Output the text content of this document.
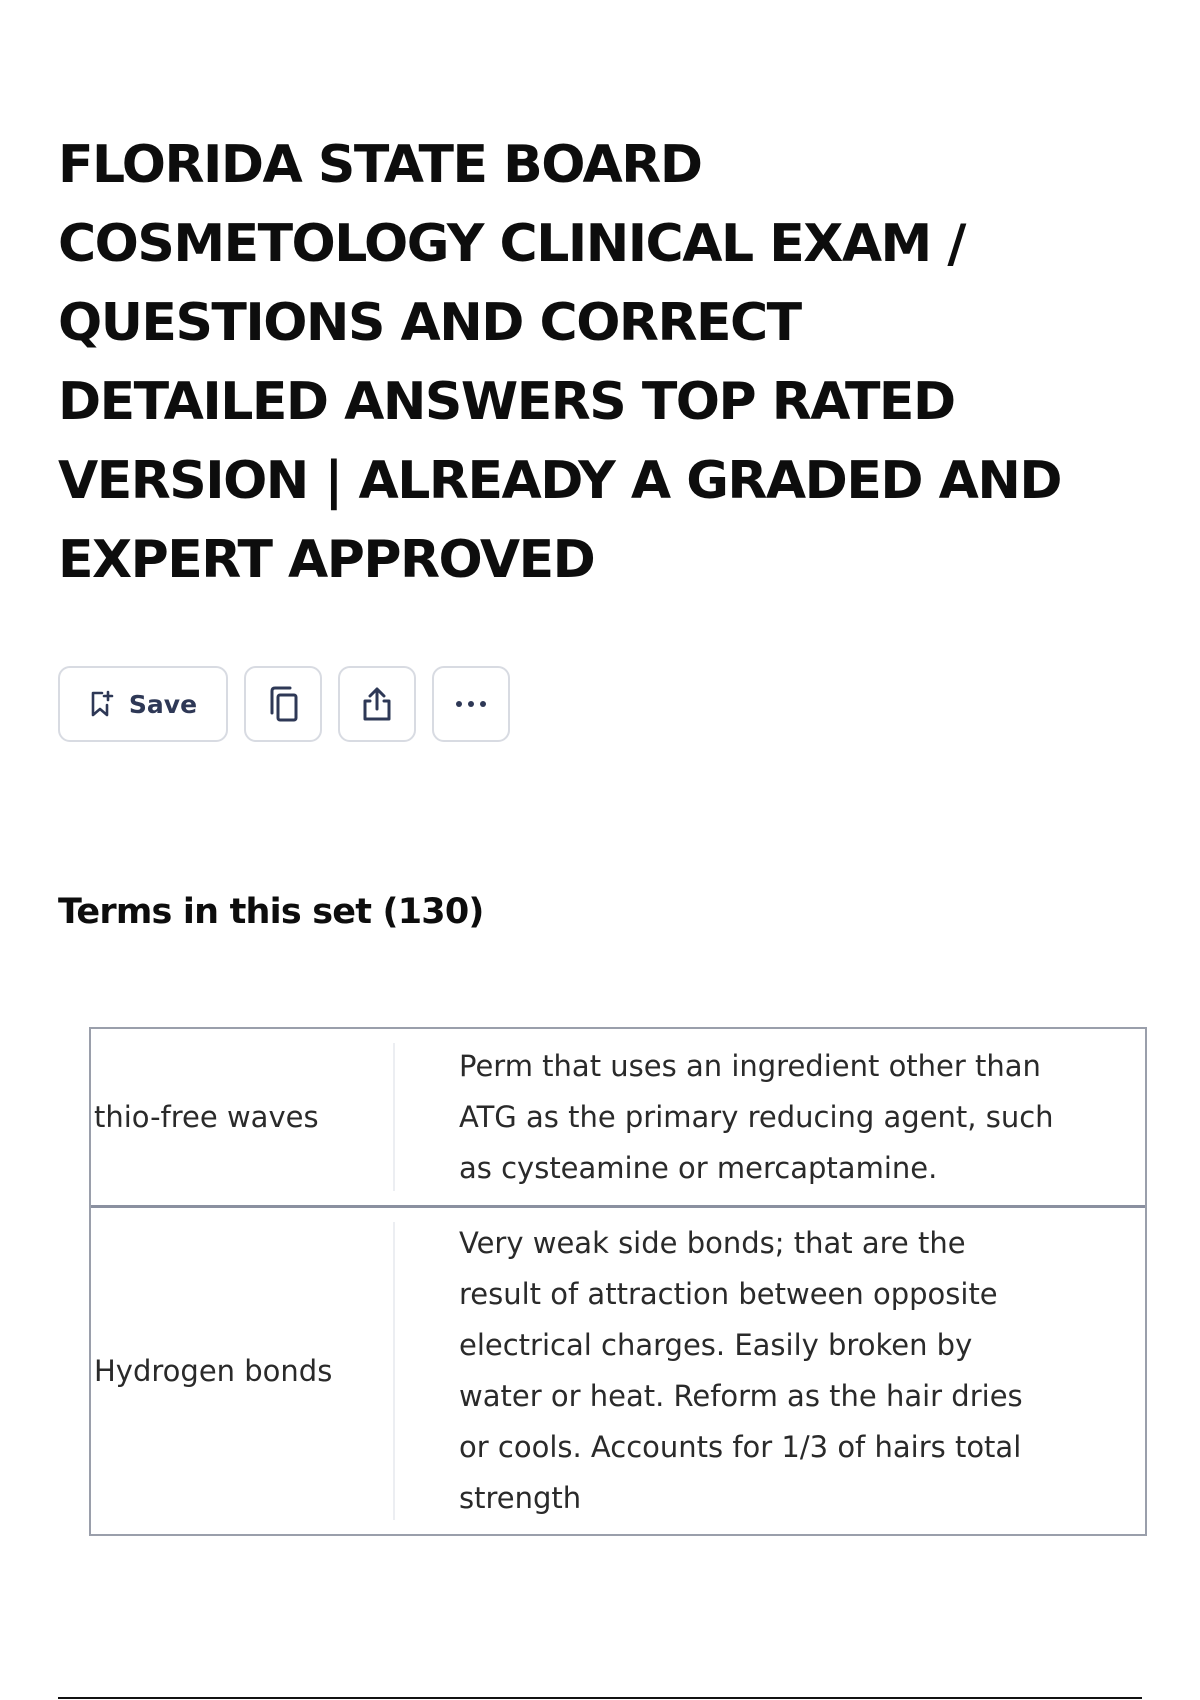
FLORIDA STATE BOARD
COSMETOLOGY CLINICAL EXAM /
QUESTIONS AND CORRECT
DETAILED ANSWERS TOP RATED
VERSION | ALREADY A GRADED AND
EXPERT APPROVED
Save
Terms in this set (130)
thio-free waves
Perm that uses an ingredient other than ATG as the primary reducing agent, such as cysteamine or mercaptamine.
Hydrogen bonds
Very weak side bonds; that are the result of attraction between opposite electrical charges. Easily broken by water or heat. Reform as the hair dries or cools. Accounts for 1/3 of hairs total strength
